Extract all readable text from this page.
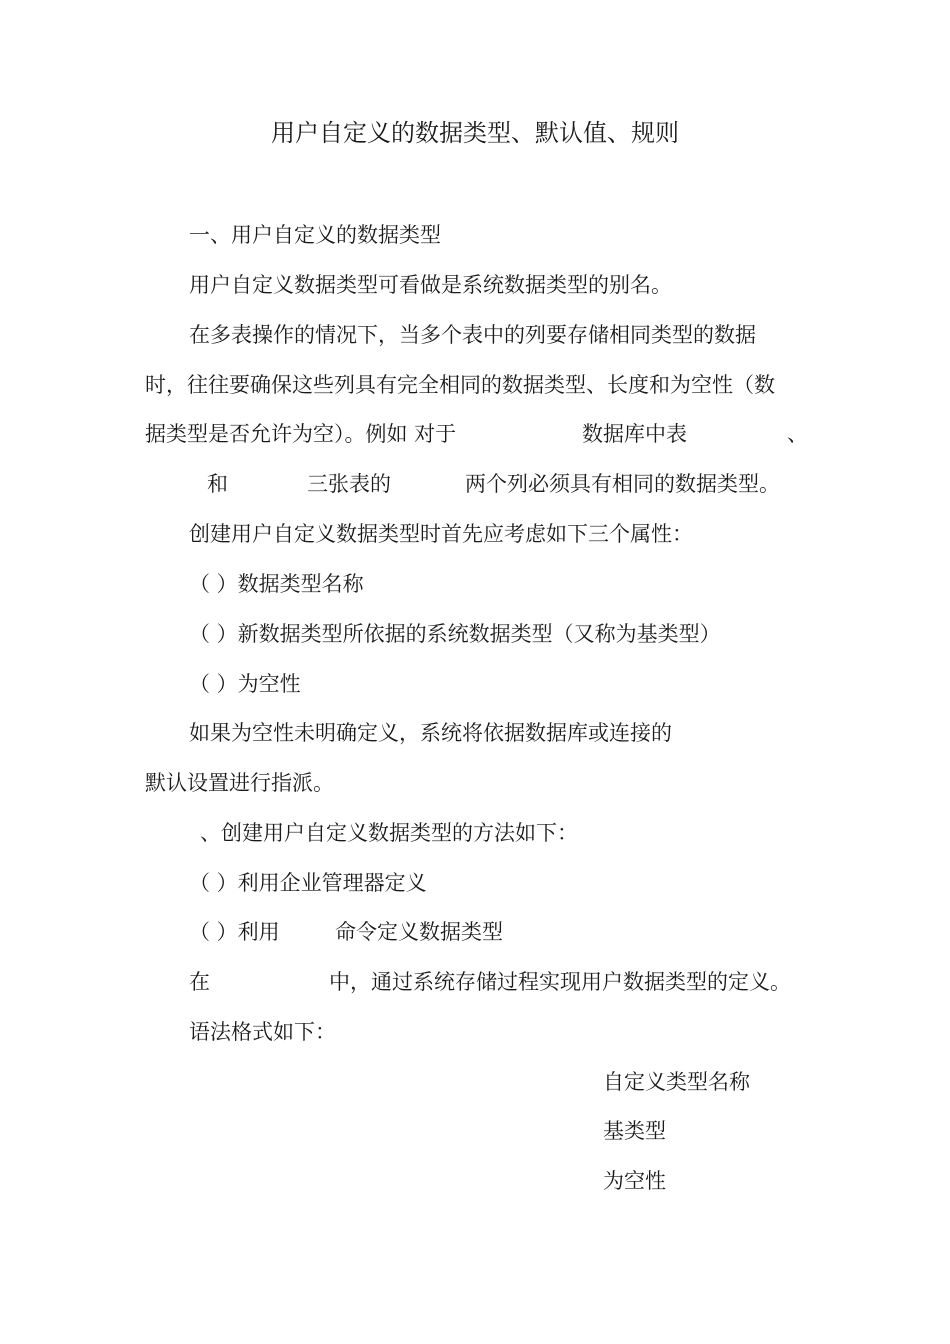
用户自定义的数据类型、默认值、规则
一、用户自定义的数据类型
用户自定义数据类型可看做是系统数据类型的别名。
在多表操作的情况下，当多个表中的列要存储相同类型的数据
时，往往要确保这些列具有完全相同的数据类型、长度和为空性（数
据类型是否允许为空）。例如 对于	数据库中表	、
和	三张表的	两个列必须具有相同的数据类型。
创建用户自定义数据类型时首先应考虑如下三个属性：
（ ）数据类型名称
（ ）新数据类型所依据的系统数据类型（又称为基类型）
（ ）为空性
如果为空性未明确定义，系统将依据数据库或连接的
默认设置进行指派。
、创建用户自定义数据类型的方法如下：
（ ）利用企业管理器定义
（ ）利用	命令定义数据类型
在	中，通过系统存储过程实现用户数据类型的定义。
语法格式如下：
自定义类型名称
基类型
为空性
